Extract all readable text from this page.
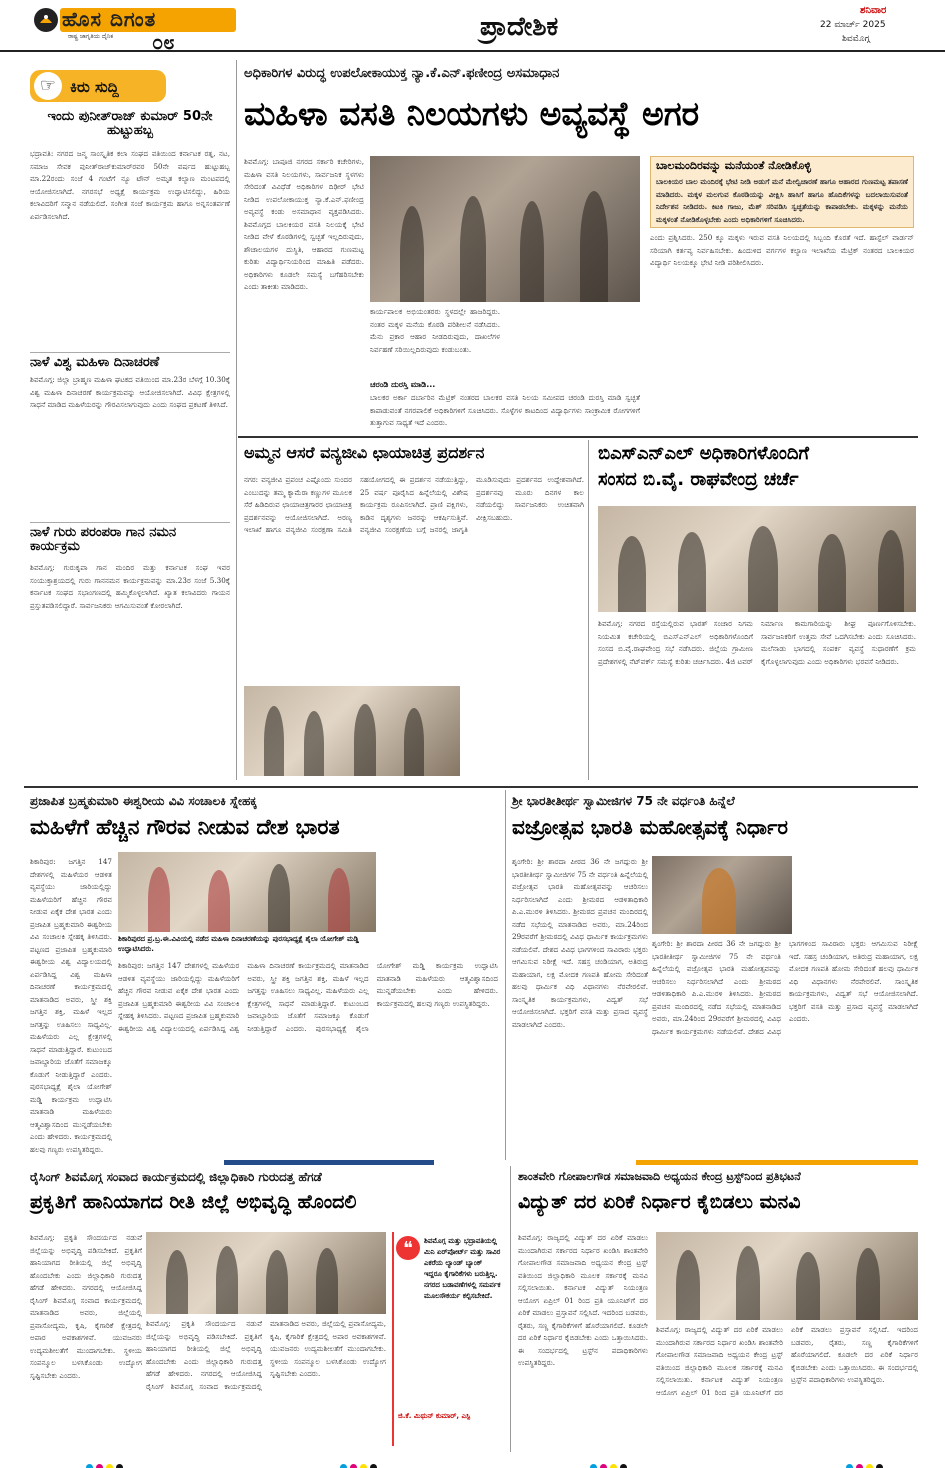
ಹೊಸ ದಿಗಂತ
ರಾಷ್ಟ್ರ ಜಾಗೃತಿಯ ದೈನಿಕ ೦೮	ಪ್ರಾದೇಶಿಕ
ಶನಿವಾರ
22 ಮಾರ್ಚ್ 2025
ಶಿವಮೊಗ್ಗ
☞ ಕಿರು ಸುದ್ದಿ
ಇಂದು ಪುನೀತ್‌ರಾಜ್ ಕುಮಾರ್ 50ನೇ ಹುಟ್ಟುಹಬ್ಬ
ಭದ್ರಾವತಿ: ನಗರದ ಜನ್ಮ ಸಾಂಸ್ಕೃತಿಕ ಕಲಾ ಸಂಘದ ವತಿಯಿಂದ ಕರ್ನಾಟಕ ರತ್ನ, ನಟ, ಸಮಾಜ ಸೇವಕ ಪುನೀತ್‌ರಾಜ್‌ಕುಮಾರ್‌ರವರ 50ನೇ ವರ್ಷದ ಹುಟ್ಟುಹಬ್ಬ ಮಾ.22ರಂದು ಸಂಜೆ 4 ಗಂಟೆಗೆ ನ್ಯೂ ಟೌನ್ ಅಮೃತ ಕಲ್ಯಾಣ ಮಂಟಪದಲ್ಲಿ ಆಯೋಜಿಸಲಾಗಿದೆ. ನಗರಸಭೆ ಅಧ್ಯಕ್ಷೆ ಕಾರ್ಯಕ್ರಮ ಉದ್ಘಾಟಿಸಲಿದ್ದು, ಹಿರಿಯ ಕಲಾವಿದರಿಗೆ ಸನ್ಮಾನ ನಡೆಯಲಿದೆ. ಸಂಗೀತ ಸಂಜೆ ಕಾರ್ಯಕ್ರಮ ಹಾಗೂ ಅನ್ನಸಂತರ್ಪಣೆ ಏರ್ಪಡಿಸಲಾಗಿದೆ.
ನಾಳೆ ವಿಶ್ವ ಮಹಿಳಾ ದಿನಾಚರಣೆ
ಶಿವಮೊಗ್ಗ: ಜಿಲ್ಲಾ ಬ್ರಾಹ್ಮಣ ಮಹಿಳಾ ಘಟಕದ ವತಿಯಿಂದ ಮಾ.23ರ ಬೆಳಗ್ಗೆ 10.30ಕ್ಕೆ ವಿಶ್ವ ಮಹಿಳಾ ದಿನಾಚರಣೆ ಕಾರ್ಯಕ್ರಮವನ್ನು ಆಯೋಜಿಸಲಾಗಿದೆ. ವಿವಿಧ ಕ್ಷೇತ್ರಗಳಲ್ಲಿ ಸಾಧನೆ ಮಾಡಿದ ಮಹಿಳೆಯರನ್ನು ಗೌರವಿಸಲಾಗುವುದು ಎಂದು ಸಂಘದ ಪ್ರಕಟಣೆ ತಿಳಿಸಿದೆ.
ನಾಳೆ ಗುರು ಪರಂಪರಾ ಗಾನ ನಮನ ಕಾರ್ಯಕ್ರಮ
ಶಿವಮೊಗ್ಗ: ಗುರುಕೃಪಾ ಗಾನ ಮಂದಿರ ಮತ್ತು ಕರ್ನಾಟಕ ಸಂಘ ಇವರ ಸಂಯುಕ್ತಾಶ್ರಯದಲ್ಲಿ ಗುರು ಗಾನನಮನ ಕಾರ್ಯಕ್ರಮವನ್ನು ಮಾ.23ರ ಸಂಜೆ 5.30ಕ್ಕೆ ಕರ್ನಾಟಕ ಸಂಘದ ಸಭಾಂಗಣದಲ್ಲಿ ಹಮ್ಮಿಕೊಳ್ಳಲಾಗಿದೆ. ಖ್ಯಾತ ಕಲಾವಿದರು ಗಾಯನ ಪ್ರಸ್ತುತಪಡಿಸಲಿದ್ದಾರೆ. ಸಾರ್ವಜನಿಕರು ಆಗಮಿಸುವಂತೆ ಕೋರಲಾಗಿದೆ.
ಅಧಿಕಾರಿಗಳ ವಿರುದ್ಧ ಉಪಲೋಕಾಯುಕ್ತ ನ್ಯಾ.ಕೆ.ಎನ್.ಫಣೀಂದ್ರ ಅಸಮಾಧಾನ
ಮಹಿಳಾ ವಸತಿ ನಿಲಯಗಳು ಅವ್ಯವಸ್ಥೆ ಅಗರ
ಶಿವಮೊಗ್ಗ: ಬಾಪೂಜಿ ನಗರದ ಸರ್ಕಾರಿ ಕಚೇರಿಗಳು, ಮಹಿಳಾ ವಸತಿ ನಿಲಯಗಳು, ಸಾರ್ವಜನಿಕ ಸ್ಥಳಗಳು ಸೇರಿದಂತೆ ವಿವಿಧೆಡೆ ಅಧಿಕಾರಿಗಳ ದಿಢೀರ್ ಭೇಟಿ ನೀಡಿದ ಉಪಲೋಕಾಯುಕ್ತ ನ್ಯಾ.ಕೆ.ಎನ್.ಫಣೀಂದ್ರ ಅವ್ಯವಸ್ಥೆ ಕಂಡು ಅಸಮಾಧಾನ ವ್ಯಕ್ತಪಡಿಸಿದರು. ಶಿವಮೊಗ್ಗದ ಬಾಲಕಿಯರ ವಸತಿ ನಿಲಯಕ್ಕೆ ಭೇಟಿ ನೀಡಿದ ವೇಳೆ ಕೊಠಡಿಗಳಲ್ಲಿ ಸ್ವಚ್ಛತೆ ಇಲ್ಲದಿರುವುದು, ಶೌಚಾಲಯಗಳ ದುಸ್ಥಿತಿ, ಆಹಾರದ ಗುಣಮಟ್ಟ ಕುರಿತು ವಿದ್ಯಾರ್ಥಿನಿಯರಿಂದ ಮಾಹಿತಿ ಪಡೆದರು. ಅಧಿಕಾರಿಗಳು ಕೂಡಲೇ ಸಮಸ್ಯೆ ಬಗೆಹರಿಸಬೇಕು ಎಂದು ತಾಕೀತು ಮಾಡಿದರು.
ಕಾರ್ಯಪಾಲಕ ಅಭಿಯಂತರರು ಸ್ಥಳದಲ್ಲೇ ಹಾಜರಿದ್ದರು. ನಂತರ ಮಕ್ಕಳ ಮನೆಯ ಕೊಠಡಿ ಪರಿಶೀಲನೆ ನಡೆಸಿದರು. ಮೆನು ಪ್ರಕಾರ ಆಹಾರ ನೀಡದಿರುವುದು, ದಾಖಲೆಗಳ ನಿರ್ವಹಣೆ ಸರಿಯಿಲ್ಲದಿರುವುದು ಕಂಡುಬಂತು.
ಚರಂಡಿ ದುರಸ್ತಿ ಮಾಡಿ...
ಬಾಲಕರ ಅರ್ಕಾ ದರ್ಬಾರಿನ ಮೆಟ್ರಿಕ್ ನಂತರದ ಬಾಲಕರ ವಸತಿ ನಿಲಯ ಸಮೀಪದ ಚರಂಡಿ ದುರಸ್ತಿ ಮಾಡಿ ಸ್ವಚ್ಛತೆ ಕಾಪಾಡುವಂತೆ ನಗರಪಾಲಿಕೆ ಅಧಿಕಾರಿಗಳಿಗೆ ಸೂಚಿಸಿದರು. ಸೊಳ್ಳೆಗಳ ಕಾಟದಿಂದ ವಿದ್ಯಾರ್ಥಿಗಳು ಸಾಂಕ್ರಾಮಿಕ ರೋಗಗಳಿಗೆ ತುತ್ತಾಗುವ ಸಾಧ್ಯತೆ ಇದೆ ಎಂದರು.
ಬಾಲಮಂದಿರವನ್ನು ಮನೆಯಂತೆ ನೋಡಿಕೊಳ್ಳಿ
ಬಾಲಕಿಯರ ಬಾಲ ಮಂದಿರಕ್ಕೆ ಭೇಟಿ ನೀಡಿ ಅಡುಗೆ ಮನೆ ಮೇಲ್ವಿಚಾರಣೆ ಹಾಗೂ ಆಹಾರದ ಗುಣಮಟ್ಟ ತಪಾಸಣೆ ಮಾಡಿದರು. ಮಕ್ಕಳ ಮಲಗುವ ಕೊಠಡಿಯನ್ನು ವೀಕ್ಷಿಸಿ ಹಾಸಿಗೆ ಹಾಗೂ ಹೊದಿಕೆಗಳನ್ನು ಬದಲಾಯಿಸುವಂತೆ ನಿರ್ದೇಶನ ನೀಡಿದರು. ಕಿಟಕಿ ಗಾಜು, ಮೆಶ್ ಸರಿಪಡಿಸಿ ಸ್ವಚ್ಛತೆಯನ್ನು ಕಾಪಾಡಬೇಕು. ಮಕ್ಕಳನ್ನು ಮನೆಯ ಮಕ್ಕಳಂತೆ ನೋಡಿಕೊಳ್ಳಬೇಕು ಎಂದು ಅಧಿಕಾರಿಗಳಿಗೆ ಸೂಚಿಸಿದರು.
ಎಂದು ಪ್ರಶ್ನಿಸಿದರು. 250 ಕ್ಕೂ ಮಕ್ಕಳು ಇರುವ ವಸತಿ ನಿಲಯದಲ್ಲಿ ಸಿಬ್ಬಂದಿ ಕೊರತೆ ಇದೆ. ಹಾಸ್ಟೆಲ್ ವಾರ್ಡನ್ ಸರಿಯಾಗಿ ಕರ್ತವ್ಯ ನಿರ್ವಹಿಸಬೇಕು. ಹಿಂದುಳಿದ ವರ್ಗಗಳ ಕಲ್ಯಾಣ ಇಲಾಖೆಯ ಮೆಟ್ರಿಕ್ ನಂತರದ ಬಾಲಕಿಯರ ವಿದ್ಯಾರ್ಥಿ ನಿಲಯಕ್ಕೂ ಭೇಟಿ ನೀಡಿ ಪರಿಶೀಲಿಸಿದರು.
ಅಮ್ಮನ ಆಸರೆ ವನ್ಯಜೀವಿ ಛಾಯಾಚಿತ್ರ ಪ್ರದರ್ಶನ
ನಗರ: ವನ್ಯಜೀವಿ ಪ್ರಪಂಚ ಎಷ್ಟೊಂದು ಸುಂದರ ಎಂಬುದನ್ನು ತಮ್ಮ ಕ್ಯಾಮೆರಾ ಕಣ್ಣುಗಳ ಮೂಲಕ ಸೆರೆ ಹಿಡಿದಿರುವ ಛಾಯಾಚಿತ್ರಗಾರರ ಛಾಯಾಚಿತ್ರ ಪ್ರದರ್ಶನವನ್ನು ಆಯೋಜಿಸಲಾಗಿದೆ. ಅರಣ್ಯ ಇಲಾಖೆ ಹಾಗೂ ವನ್ಯಜೀವಿ ಸಂರಕ್ಷಣಾ ಸಮಿತಿ ಸಹಯೋಗದಲ್ಲಿ ಈ ಪ್ರದರ್ಶನ ನಡೆಯುತ್ತಿದ್ದು, 25 ವರ್ಷ ಪೂರೈಸಿದ ಹಿನ್ನೆಲೆಯಲ್ಲಿ ವಿಶೇಷ ಕಾರ್ಯಕ್ರಮ ರೂಪಿಸಲಾಗಿದೆ. ಪ್ರಾಣಿ ಪಕ್ಷಿಗಳು, ಕಾಡಿನ ದೃಶ್ಯಗಳು ಜನರನ್ನು ಆಕರ್ಷಿಸುತ್ತಿವೆ. ವನ್ಯಜೀವಿ ಸಂರಕ್ಷಣೆಯ ಬಗ್ಗೆ ಜನರಲ್ಲಿ ಜಾಗೃತಿ ಮೂಡಿಸುವುದು ಪ್ರದರ್ಶನದ ಉದ್ದೇಶವಾಗಿದೆ. ಪ್ರದರ್ಶನವು ಮೂರು ದಿನಗಳ ಕಾಲ ನಡೆಯಲಿದ್ದು ಸಾರ್ವಜನಿಕರು ಉಚಿತವಾಗಿ ವೀಕ್ಷಿಸಬಹುದು.
ಬಿಎಸ್‌ಎನ್‌ಎಲ್ ಅಧಿಕಾರಿಗಳೊಂದಿಗೆ
ಸಂಸದ ಬಿ.ವೈ. ರಾಘವೇಂದ್ರ ಚರ್ಚೆ
ಶಿವಮೊಗ್ಗ: ನಗರದ ರಸ್ತೆಯಲ್ಲಿರುವ ಭಾರತ್ ಸಂಚಾರ ನಿಗಮ ನಿಯಮಿತ ಕಚೇರಿಯಲ್ಲಿ ಬಿಎಸ್‌ಎನ್‌ಎಲ್ ಅಧಿಕಾರಿಗಳೊಂದಿಗೆ ಸಂಸದ ಬಿ.ವೈ.ರಾಘವೇಂದ್ರ ಸಭೆ ನಡೆಸಿದರು. ಜಿಲ್ಲೆಯ ಗ್ರಾಮೀಣ ಪ್ರದೇಶಗಳಲ್ಲಿ ನೆಟ್‌ವರ್ಕ್ ಸಮಸ್ಯೆ ಕುರಿತು ಚರ್ಚಿಸಿದರು. 4ಜಿ ಟವರ್ ನಿರ್ಮಾಣ ಕಾಮಗಾರಿಯನ್ನು ಶೀಘ್ರ ಪೂರ್ಣಗೊಳಿಸಬೇಕು. ಸಾರ್ವಜನಿಕರಿಗೆ ಉತ್ತಮ ಸೇವೆ ಒದಗಿಸಬೇಕು ಎಂದು ಸೂಚಿಸಿದರು. ಮಲೆನಾಡು ಭಾಗದಲ್ಲಿ ಸಂಪರ್ಕ ವ್ಯವಸ್ಥೆ ಸುಧಾರಣೆಗೆ ಕ್ರಮ ಕೈಗೊಳ್ಳಲಾಗುವುದು ಎಂದು ಅಧಿಕಾರಿಗಳು ಭರವಸೆ ನೀಡಿದರು.
ಪ್ರಜಾಪಿತ ಬ್ರಹ್ಮಕುಮಾರಿ ಈಶ್ವರೀಯ ವಿವಿ ಸಂಚಾಲಕಿ ಸ್ನೇಹಕ್ಕ
ಮಹಿಳೆಗೆ ಹೆಚ್ಚಿನ ಗೌರವ ನೀಡುವ ದೇಶ ಭಾರತ
ಶಿಕಾರಿಪುರದ ಪ್ರ.ಬ್ರ.ಈ.ವಿವಿಯಲ್ಲಿ ನಡೆದ ಮಹಿಳಾ ದಿನಾಚರಣೆಯನ್ನು ಪುರಸಭಾಧ್ಯಕ್ಷೆ ಶೈಲಾ ಯೋಗೇಶ್ ಮಡ್ಡಿ ಉದ್ಘಾಟಿಸಿದರು.
ಶಿಕಾರಿಪುರ: ಜಗತ್ತಿನ 147 ದೇಶಗಳಲ್ಲಿ ಮಹಿಳೆಯರ ಆಡಳಿತ ವ್ಯವಸ್ಥೆಯು ಜಾರಿಯಲ್ಲಿದ್ದು ಮಹಿಳೆಯರಿಗೆ ಹೆಚ್ಚಿನ ಗೌರವ ನೀಡುವ ಏಕೈಕ ದೇಶ ಭಾರತ ಎಂದು ಪ್ರಜಾಪಿತ ಬ್ರಹ್ಮಕುಮಾರಿ ಈಶ್ವರೀಯ ವಿವಿ ಸಂಚಾಲಕಿ ಸ್ನೇಹಕ್ಕ ತಿಳಿಸಿದರು. ಪಟ್ಟಣದ ಪ್ರಜಾಪಿತ ಬ್ರಹ್ಮಕುಮಾರಿ ಈಶ್ವರೀಯ ವಿಶ್ವ ವಿದ್ಯಾಲಯದಲ್ಲಿ ಏರ್ಪಡಿಸಿದ್ದ ವಿಶ್ವ ಮಹಿಳಾ ದಿನಾಚರಣೆ ಕಾರ್ಯಕ್ರಮದಲ್ಲಿ ಮಾತನಾಡಿದ ಅವರು, ಸ್ತ್ರೀ ಶಕ್ತಿ ಜಗತ್ತಿನ ಶಕ್ತಿ, ಮಹಿಳೆ ಇಲ್ಲದ ಜಗತ್ತನ್ನು ಊಹಿಸಲು ಸಾಧ್ಯವಿಲ್ಲ. ಮಹಿಳೆಯರು ಎಲ್ಲ ಕ್ಷೇತ್ರಗಳಲ್ಲಿ ಸಾಧನೆ ಮಾಡುತ್ತಿದ್ದಾರೆ. ಕುಟುಂಬದ ಜವಾಬ್ದಾರಿಯ ಜೊತೆಗೆ ಸಮಾಜಕ್ಕೂ ಕೊಡುಗೆ ನೀಡುತ್ತಿದ್ದಾರೆ ಎಂದರು. ಪುರಸಭಾಧ್ಯಕ್ಷೆ ಶೈಲಾ ಯೋಗೇಶ್ ಮಡ್ಡಿ ಕಾರ್ಯಕ್ರಮ ಉದ್ಘಾಟಿಸಿ ಮಾತನಾಡಿ ಮಹಿಳೆಯರು ಆತ್ಮವಿಶ್ವಾಸದಿಂದ ಮುನ್ನಡೆಯಬೇಕು ಎಂದು ಹೇಳಿದರು. ಕಾರ್ಯಕ್ರಮದಲ್ಲಿ ಹಲವು ಗಣ್ಯರು ಉಪಸ್ಥಿತರಿದ್ದರು.
ಶಿಕಾರಿಪುರ: ಜಗತ್ತಿನ 147 ದೇಶಗಳಲ್ಲಿ ಮಹಿಳೆಯರ ಆಡಳಿತ ವ್ಯವಸ್ಥೆಯು ಜಾರಿಯಲ್ಲಿದ್ದು ಮಹಿಳೆಯರಿಗೆ ಹೆಚ್ಚಿನ ಗೌರವ ನೀಡುವ ಏಕೈಕ ದೇಶ ಭಾರತ ಎಂದು ಪ್ರಜಾಪಿತ ಬ್ರಹ್ಮಕುಮಾರಿ ಈಶ್ವರೀಯ ವಿವಿ ಸಂಚಾಲಕಿ ಸ್ನೇಹಕ್ಕ ತಿಳಿಸಿದರು. ಪಟ್ಟಣದ ಪ್ರಜಾಪಿತ ಬ್ರಹ್ಮಕುಮಾರಿ ಈಶ್ವರೀಯ ವಿಶ್ವ ವಿದ್ಯಾಲಯದಲ್ಲಿ ಏರ್ಪಡಿಸಿದ್ದ ವಿಶ್ವ ಮಹಿಳಾ ದಿನಾಚರಣೆ ಕಾರ್ಯಕ್ರಮದಲ್ಲಿ ಮಾತನಾಡಿದ ಅವರು, ಸ್ತ್ರೀ ಶಕ್ತಿ ಜಗತ್ತಿನ ಶಕ್ತಿ, ಮಹಿಳೆ ಇಲ್ಲದ ಜಗತ್ತನ್ನು ಊಹಿಸಲು ಸಾಧ್ಯವಿಲ್ಲ. ಮಹಿಳೆಯರು ಎಲ್ಲ ಕ್ಷೇತ್ರಗಳಲ್ಲಿ ಸಾಧನೆ ಮಾಡುತ್ತಿದ್ದಾರೆ. ಕುಟುಂಬದ ಜವಾಬ್ದಾರಿಯ ಜೊತೆಗೆ ಸಮಾಜಕ್ಕೂ ಕೊಡುಗೆ ನೀಡುತ್ತಿದ್ದಾರೆ ಎಂದರು. ಪುರಸಭಾಧ್ಯಕ್ಷೆ ಶೈಲಾ ಯೋಗೇಶ್ ಮಡ್ಡಿ ಕಾರ್ಯಕ್ರಮ ಉದ್ಘಾಟಿಸಿ ಮಾತನಾಡಿ ಮಹಿಳೆಯರು ಆತ್ಮವಿಶ್ವಾಸದಿಂದ ಮುನ್ನಡೆಯಬೇಕು ಎಂದು ಹೇಳಿದರು. ಕಾರ್ಯಕ್ರಮದಲ್ಲಿ ಹಲವು ಗಣ್ಯರು ಉಪಸ್ಥಿತರಿದ್ದರು.
ಶ್ರೀ ಭಾರತೀತೀರ್ಥ ಸ್ವಾಮೀಜಿಗಳ 75 ನೇ ವರ್ಧಂತಿ ಹಿನ್ನೆಲೆ
ವಜ್ರೋತ್ಸವ ಭಾರತಿ ಮಹೋತ್ಸವಕ್ಕೆ ನಿರ್ಧಾರ
ಶೃಂಗೇರಿ: ಶ್ರೀ ಶಾರದಾ ಪೀಠದ 36 ನೇ ಜಗದ್ಗುರು ಶ್ರೀ ಭಾರತೀತೀರ್ಥ ಸ್ವಾಮೀಜಿಗಳ 75 ನೇ ವರ್ಧಂತಿ ಹಿನ್ನೆಲೆಯಲ್ಲಿ ವಜ್ರೋತ್ಸವ ಭಾರತಿ ಮಹೋತ್ಸವವನ್ನು ಆಚರಿಸಲು ನಿರ್ಧರಿಸಲಾಗಿದೆ ಎಂದು ಶ್ರೀಮಠದ ಆಡಳಿತಾಧಿಕಾರಿ ಪಿ.ಎ.ಮುರಳಿ ತಿಳಿಸಿದರು. ಶ್ರೀಮಠದ ಪ್ರವಚನ ಮಂದಿರದಲ್ಲಿ ನಡೆದ ಸಭೆಯಲ್ಲಿ ಮಾತನಾಡಿದ ಅವರು, ಮಾ.24ರಿಂದ 29ರವರೆಗೆ ಶ್ರೀಮಠದಲ್ಲಿ ವಿವಿಧ ಧಾರ್ಮಿಕ ಕಾರ್ಯಕ್ರಮಗಳು ನಡೆಯಲಿವೆ. ದೇಶದ ವಿವಿಧ ಭಾಗಗಳಿಂದ ಸಾವಿರಾರು ಭಕ್ತರು ಆಗಮಿಸುವ ನಿರೀಕ್ಷೆ ಇದೆ. ಸಹಸ್ರ ಚಂಡಿಯಾಗ, ಅತಿರುದ್ರ ಮಹಾಯಾಗ, ಲಕ್ಷ ಮೋದಕ ಗಣಪತಿ ಹೋಮ ಸೇರಿದಂತೆ ಹಲವು ಧಾರ್ಮಿಕ ವಿಧಿ ವಿಧಾನಗಳು ನೆರವೇರಲಿವೆ. ಸಾಂಸ್ಕೃತಿಕ ಕಾರ್ಯಕ್ರಮಗಳು, ವಿದ್ವತ್ ಸಭೆ ಆಯೋಜಿಸಲಾಗಿದೆ. ಭಕ್ತರಿಗೆ ವಸತಿ ಮತ್ತು ಪ್ರಸಾದ ವ್ಯವಸ್ಥೆ ಮಾಡಲಾಗಿದೆ ಎಂದರು.
ಶೃಂಗೇರಿ: ಶ್ರೀ ಶಾರದಾ ಪೀಠದ 36 ನೇ ಜಗದ್ಗುರು ಶ್ರೀ ಭಾರತೀತೀರ್ಥ ಸ್ವಾಮೀಜಿಗಳ 75 ನೇ ವರ್ಧಂತಿ ಹಿನ್ನೆಲೆಯಲ್ಲಿ ವಜ್ರೋತ್ಸವ ಭಾರತಿ ಮಹೋತ್ಸವವನ್ನು ಆಚರಿಸಲು ನಿರ್ಧರಿಸಲಾಗಿದೆ ಎಂದು ಶ್ರೀಮಠದ ಆಡಳಿತಾಧಿಕಾರಿ ಪಿ.ಎ.ಮುರಳಿ ತಿಳಿಸಿದರು. ಶ್ರೀಮಠದ ಪ್ರವಚನ ಮಂದಿರದಲ್ಲಿ ನಡೆದ ಸಭೆಯಲ್ಲಿ ಮಾತನಾಡಿದ ಅವರು, ಮಾ.24ರಿಂದ 29ರವರೆಗೆ ಶ್ರೀಮಠದಲ್ಲಿ ವಿವಿಧ ಧಾರ್ಮಿಕ ಕಾರ್ಯಕ್ರಮಗಳು ನಡೆಯಲಿವೆ. ದೇಶದ ವಿವಿಧ ಭಾಗಗಳಿಂದ ಸಾವಿರಾರು ಭಕ್ತರು ಆಗಮಿಸುವ ನಿರೀಕ್ಷೆ ಇದೆ. ಸಹಸ್ರ ಚಂಡಿಯಾಗ, ಅತಿರುದ್ರ ಮಹಾಯಾಗ, ಲಕ್ಷ ಮೋದಕ ಗಣಪತಿ ಹೋಮ ಸೇರಿದಂತೆ ಹಲವು ಧಾರ್ಮಿಕ ವಿಧಿ ವಿಧಾನಗಳು ನೆರವೇರಲಿವೆ. ಸಾಂಸ್ಕೃತಿಕ ಕಾರ್ಯಕ್ರಮಗಳು, ವಿದ್ವತ್ ಸಭೆ ಆಯೋಜಿಸಲಾಗಿದೆ. ಭಕ್ತರಿಗೆ ವಸತಿ ಮತ್ತು ಪ್ರಸಾದ ವ್ಯವಸ್ಥೆ ಮಾಡಲಾಗಿದೆ ಎಂದರು.
ರೈಸಿಂಗ್ ಶಿವಮೊಗ್ಗ ಸಂವಾದ ಕಾರ್ಯಕ್ರಮದಲ್ಲಿ ಜಿಲ್ಲಾಧಿಕಾರಿ ಗುರುದತ್ತ ಹೆಗಡೆ
ಪ್ರಕೃತಿಗೆ ಹಾನಿಯಾಗದ ರೀತಿ ಜಿಲ್ಲೆ ಅಭಿವೃದ್ಧಿ ಹೊಂದಲಿ
ಶಿವಮೊಗ್ಗ: ಪ್ರಕೃತಿ ಸೌಂದರ್ಯದ ನಡುವೆ ಜಿಲ್ಲೆಯನ್ನು ಅಭಿವೃದ್ಧಿ ಪಡಿಸಬೇಕಿದೆ. ಪ್ರಕೃತಿಗೆ ಹಾನಿಯಾಗದ ರೀತಿಯಲ್ಲಿ ಜಿಲ್ಲೆ ಅಭಿವೃದ್ಧಿ ಹೊಂದಬೇಕು ಎಂದು ಜಿಲ್ಲಾಧಿಕಾರಿ ಗುರುದತ್ತ ಹೆಗಡೆ ಹೇಳಿದರು. ನಗರದಲ್ಲಿ ಆಯೋಜಿಸಿದ್ದ ರೈಸಿಂಗ್ ಶಿವಮೊಗ್ಗ ಸಂವಾದ ಕಾರ್ಯಕ್ರಮದಲ್ಲಿ ಮಾತನಾಡಿದ ಅವರು, ಜಿಲ್ಲೆಯಲ್ಲಿ ಪ್ರವಾಸೋದ್ಯಮ, ಕೃಷಿ, ಕೈಗಾರಿಕೆ ಕ್ಷೇತ್ರದಲ್ಲಿ ಅಪಾರ ಅವಕಾಶಗಳಿವೆ. ಯುವಜನರು ಉದ್ಯಮಶೀಲತೆಗೆ ಮುಂದಾಗಬೇಕು. ಸ್ಥಳೀಯ ಸಂಪನ್ಮೂಲ ಬಳಸಿಕೊಂಡು ಉದ್ಯೋಗ ಸೃಷ್ಟಿಸಬೇಕು ಎಂದರು.
ಶಿವಮೊಗ್ಗ: ಪ್ರಕೃತಿ ಸೌಂದರ್ಯದ ನಡುವೆ ಜಿಲ್ಲೆಯನ್ನು ಅಭಿವೃದ್ಧಿ ಪಡಿಸಬೇಕಿದೆ. ಪ್ರಕೃತಿಗೆ ಹಾನಿಯಾಗದ ರೀತಿಯಲ್ಲಿ ಜಿಲ್ಲೆ ಅಭಿವೃದ್ಧಿ ಹೊಂದಬೇಕು ಎಂದು ಜಿಲ್ಲಾಧಿಕಾರಿ ಗುರುದತ್ತ ಹೆಗಡೆ ಹೇಳಿದರು. ನಗರದಲ್ಲಿ ಆಯೋಜಿಸಿದ್ದ ರೈಸಿಂಗ್ ಶಿವಮೊಗ್ಗ ಸಂವಾದ ಕಾರ್ಯಕ್ರಮದಲ್ಲಿ ಮಾತನಾಡಿದ ಅವರು, ಜಿಲ್ಲೆಯಲ್ಲಿ ಪ್ರವಾಸೋದ್ಯಮ, ಕೃಷಿ, ಕೈಗಾರಿಕೆ ಕ್ಷೇತ್ರದಲ್ಲಿ ಅಪಾರ ಅವಕಾಶಗಳಿವೆ. ಯುವಜನರು ಉದ್ಯಮಶೀಲತೆಗೆ ಮುಂದಾಗಬೇಕು. ಸ್ಥಳೀಯ ಸಂಪನ್ಮೂಲ ಬಳಸಿಕೊಂಡು ಉದ್ಯೋಗ ಸೃಷ್ಟಿಸಬೇಕು ಎಂದರು.
❝	ಶಿವಮೊಗ್ಗ ಮತ್ತು ಭದ್ರಾವತಿಯಲ್ಲಿ ಮಿನಿ ಏರ್‌ಪೋರ್ಟ್ ಮತ್ತು ಸಾವಿರ ಎಕರೆಯ ಲ್ಯಾಂಡ್ ಬ್ಯಾಂಕ್ ಇದ್ದರೂ ಕೈಗಾರಿಕೆಗಳು ಬರುತ್ತಿಲ್ಲ. ನಗರದ ಬಡಾವಣೆಗಳಲ್ಲಿ ಸಮರ್ಪಕ ಮೂಲಸೌಕರ್ಯ ಕಲ್ಪಿಸಬೇಕಿದೆ.
ಜಿ.ಕೆ. ಮಿಥುನ್ ಕುಮಾರ್, ಎಸ್ಪಿ
ಶಾಂತವೇರಿ ಗೋಪಾಲಗೌಡ ಸಮಾಜವಾದಿ ಅಧ್ಯಯನ ಕೇಂದ್ರ ಟ್ರಸ್ಟ್‌ನಿಂದ ಪ್ರತಿಭಟನೆ
ವಿದ್ಯುತ್ ದರ ಏರಿಕೆ ನಿರ್ಧಾರ ಕೈಬಿಡಲು ಮನವಿ
ಶಿವಮೊಗ್ಗ: ರಾಜ್ಯದಲ್ಲಿ ವಿದ್ಯುತ್ ದರ ಏರಿಕೆ ಮಾಡಲು ಮುಂದಾಗಿರುವ ಸರ್ಕಾರದ ನಿರ್ಧಾರ ಖಂಡಿಸಿ ಶಾಂತವೇರಿ ಗೋಪಾಲಗೌಡ ಸಮಾಜವಾದಿ ಅಧ್ಯಯನ ಕೇಂದ್ರ ಟ್ರಸ್ಟ್ ವತಿಯಿಂದ ಜಿಲ್ಲಾಧಿಕಾರಿ ಮೂಲಕ ಸರ್ಕಾರಕ್ಕೆ ಮನವಿ ಸಲ್ಲಿಸಲಾಯಿತು. ಕರ್ನಾಟಕ ವಿದ್ಯುತ್ ನಿಯಂತ್ರಣ ಆಯೋಗ ಏಪ್ರಿಲ್ 01 ರಿಂದ ಪ್ರತಿ ಯೂನಿಟ್‌ಗೆ ದರ ಏರಿಕೆ ಮಾಡಲು ಪ್ರಸ್ತಾವನೆ ಸಲ್ಲಿಸಿದೆ. ಇದರಿಂದ ಬಡವರು, ರೈತರು, ಸಣ್ಣ ಕೈಗಾರಿಕೆಗಳಿಗೆ ಹೊರೆಯಾಗಲಿದೆ. ಕೂಡಲೇ ದರ ಏರಿಕೆ ನಿರ್ಧಾರ ಕೈಬಿಡಬೇಕು ಎಂದು ಒತ್ತಾಯಿಸಿದರು. ಈ ಸಂದರ್ಭದಲ್ಲಿ ಟ್ರಸ್ಟ್‌ನ ಪದಾಧಿಕಾರಿಗಳು ಉಪಸ್ಥಿತರಿದ್ದರು.
ಶಿವಮೊಗ್ಗ: ರಾಜ್ಯದಲ್ಲಿ ವಿದ್ಯುತ್ ದರ ಏರಿಕೆ ಮಾಡಲು ಮುಂದಾಗಿರುವ ಸರ್ಕಾರದ ನಿರ್ಧಾರ ಖಂಡಿಸಿ ಶಾಂತವೇರಿ ಗೋಪಾಲಗೌಡ ಸಮಾಜವಾದಿ ಅಧ್ಯಯನ ಕೇಂದ್ರ ಟ್ರಸ್ಟ್ ವತಿಯಿಂದ ಜಿಲ್ಲಾಧಿಕಾರಿ ಮೂಲಕ ಸರ್ಕಾರಕ್ಕೆ ಮನವಿ ಸಲ್ಲಿಸಲಾಯಿತು. ಕರ್ನಾಟಕ ವಿದ್ಯುತ್ ನಿಯಂತ್ರಣ ಆಯೋಗ ಏಪ್ರಿಲ್ 01 ರಿಂದ ಪ್ರತಿ ಯೂನಿಟ್‌ಗೆ ದರ ಏರಿಕೆ ಮಾಡಲು ಪ್ರಸ್ತಾವನೆ ಸಲ್ಲಿಸಿದೆ. ಇದರಿಂದ ಬಡವರು, ರೈತರು, ಸಣ್ಣ ಕೈಗಾರಿಕೆಗಳಿಗೆ ಹೊರೆಯಾಗಲಿದೆ. ಕೂಡಲೇ ದರ ಏರಿಕೆ ನಿರ್ಧಾರ ಕೈಬಿಡಬೇಕು ಎಂದು ಒತ್ತಾಯಿಸಿದರು. ಈ ಸಂದರ್ಭದಲ್ಲಿ ಟ್ರಸ್ಟ್‌ನ ಪದಾಧಿಕಾರಿಗಳು ಉಪಸ್ಥಿತರಿದ್ದರು.
